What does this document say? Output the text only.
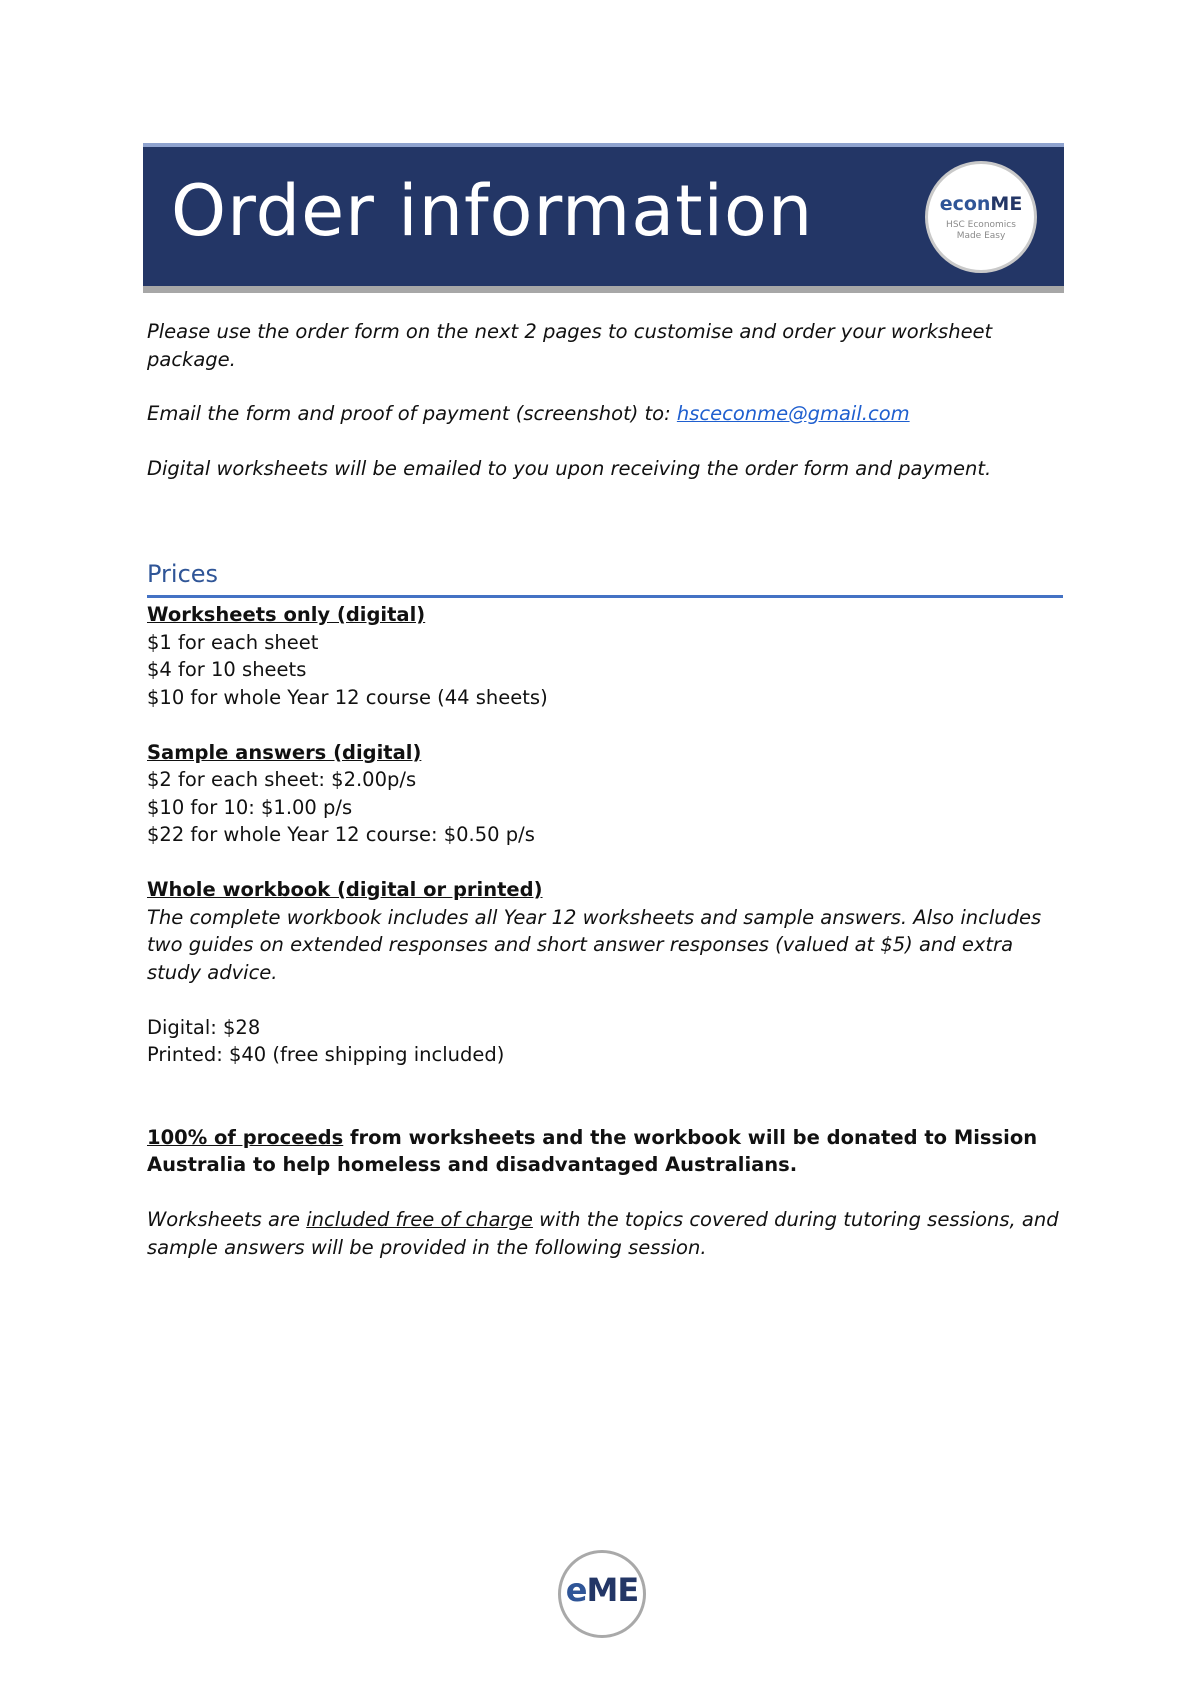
Order information	econME
HSC Economics
Made Easy

Please use the order form on the next 2 pages to customise and order your worksheet package.

Email the form and proof of payment (screenshot) to: hsceconme@gmail.com

Digital worksheets will be emailed to you upon receiving the order form and payment.

Prices
Worksheets only (digital)
$1 for each sheet
$4 for 10 sheets
$10 for whole Year 12 course (44 sheets)
Sample answers (digital)
$2 for each sheet: $2.00p/s
$10 for 10: $1.00 p/s
$22 for whole Year 12 course: $0.50 p/s
Whole workbook (digital or printed)
The complete workbook includes all Year 12 worksheets and sample answers. Also includes two guides on extended responses and short answer responses (valued at $5) and extra study advice.
Digital: $28
Printed: $40 (free shipping included)
100% of proceeds from worksheets and the workbook will be donated to Mission Australia to help homeless and disadvantaged Australians.
Worksheets are included free of charge with the topics covered during tutoring sessions, and sample answers will be provided in the following session.
eME
